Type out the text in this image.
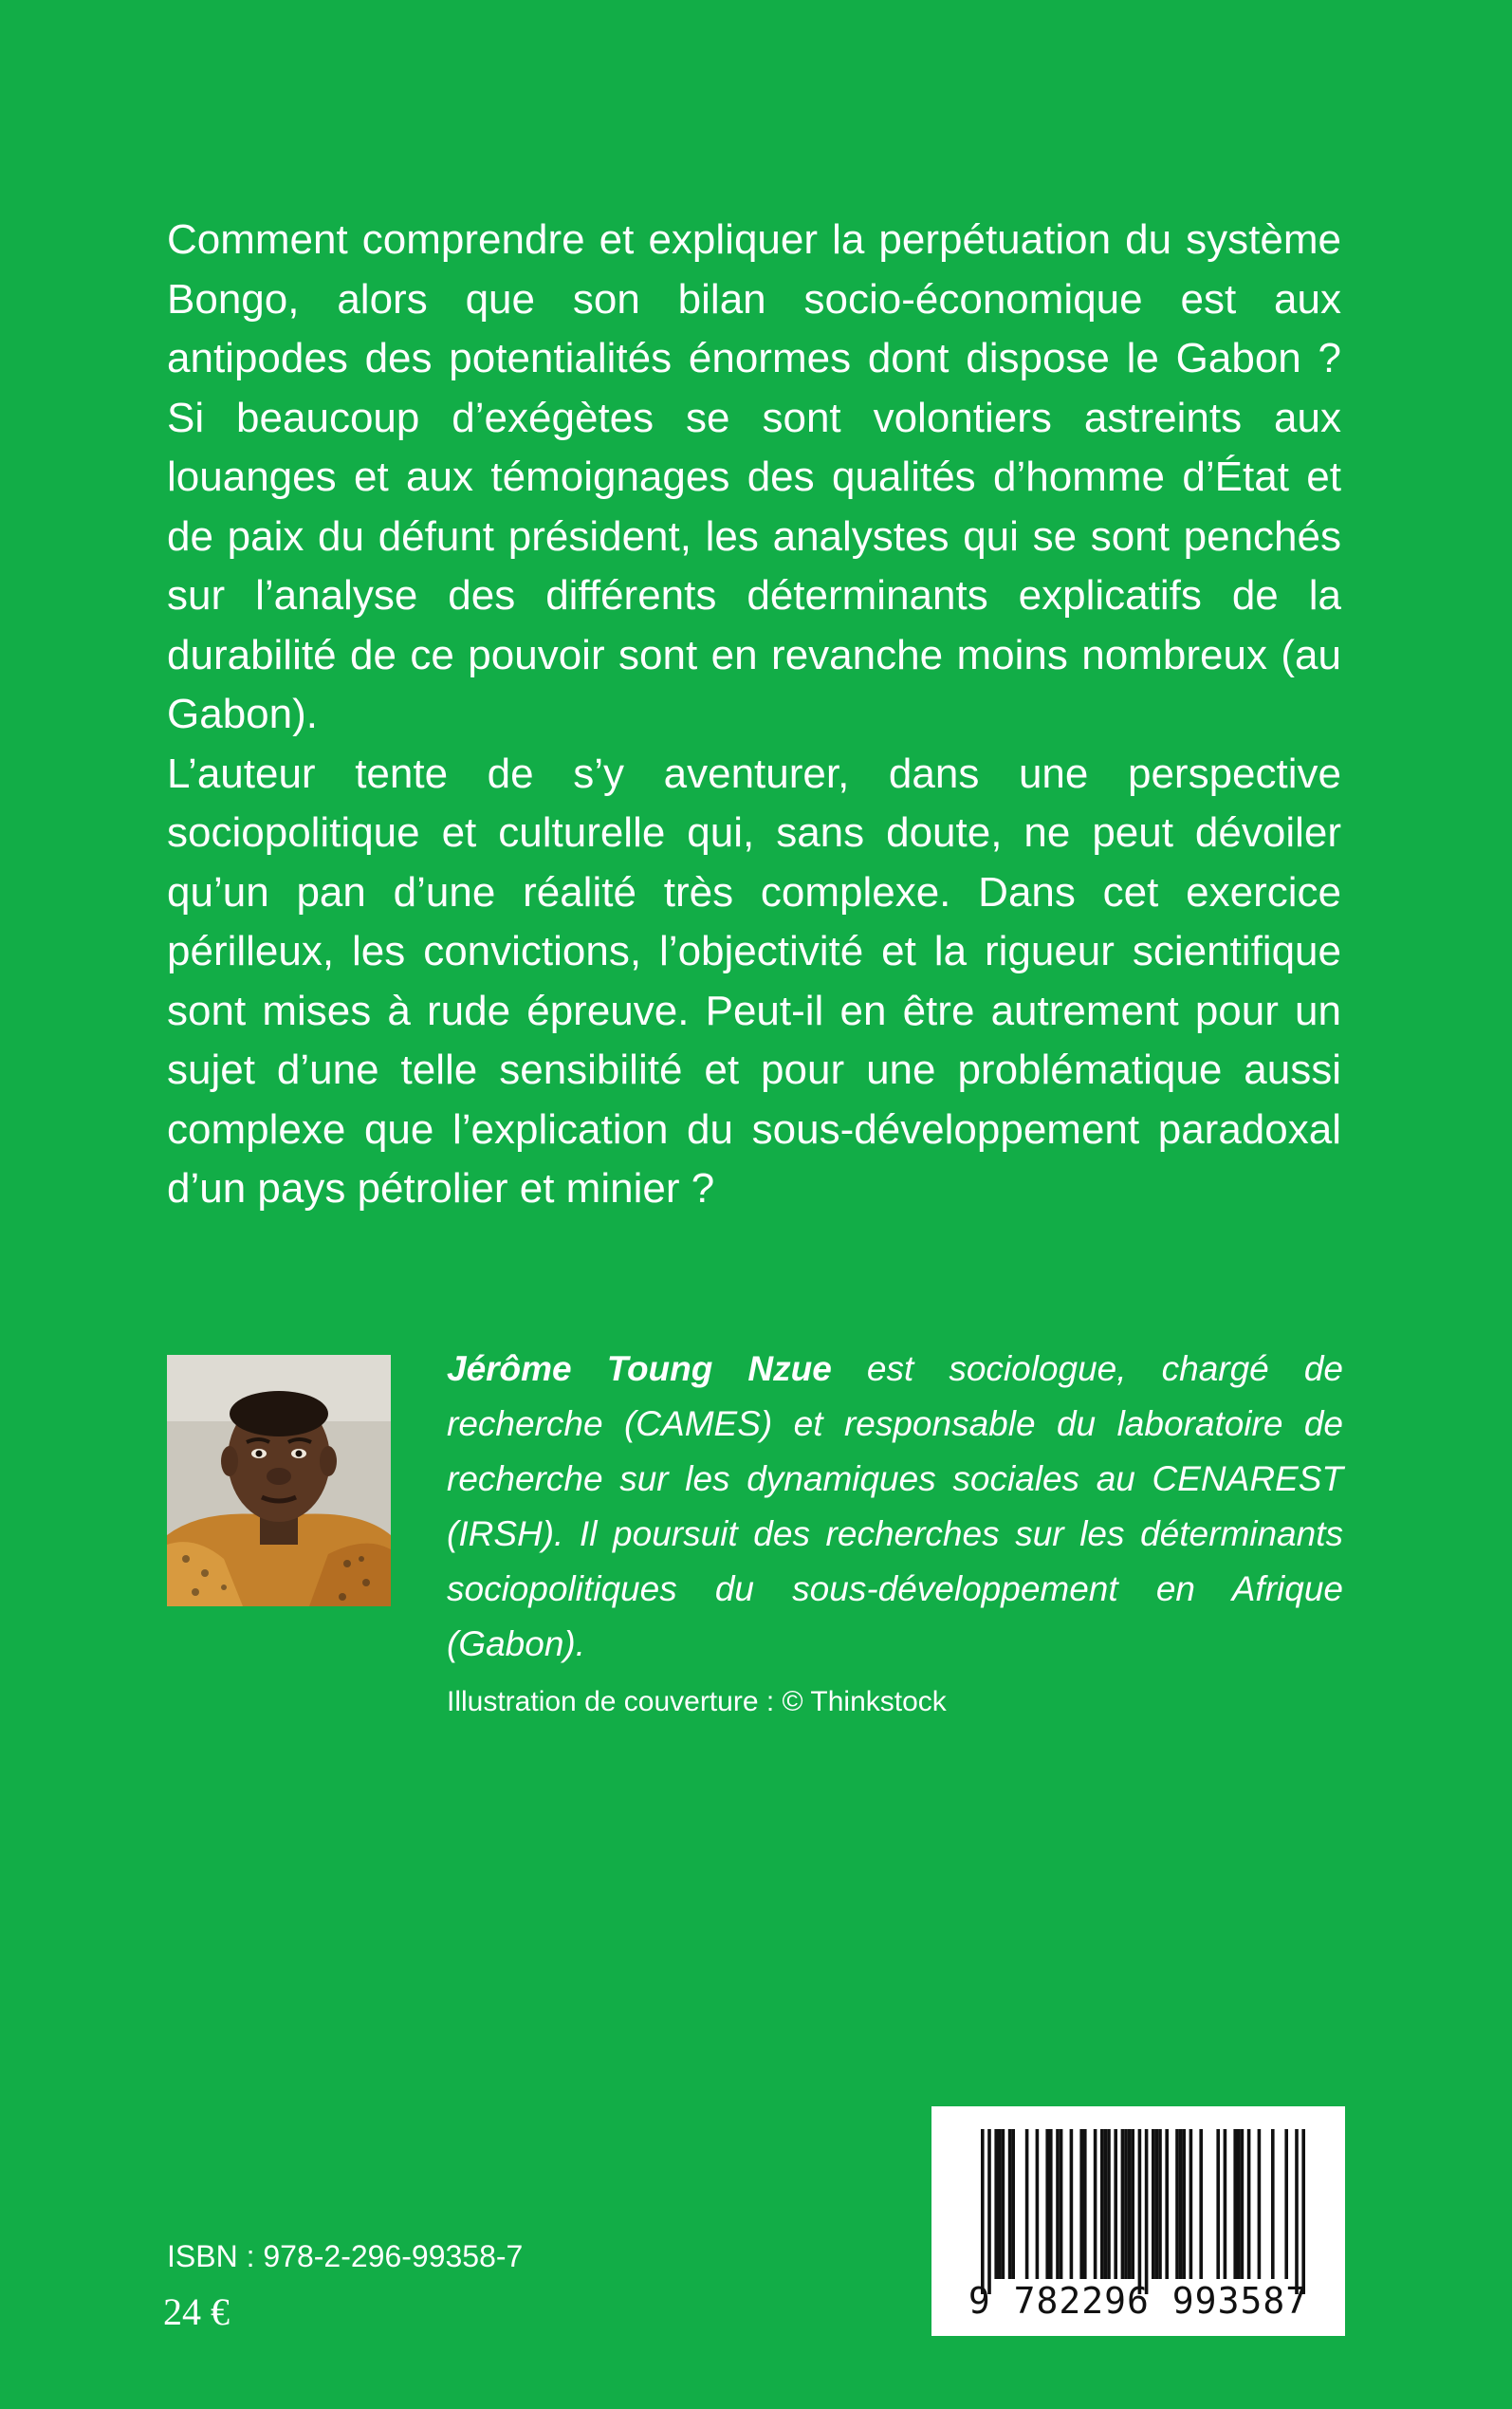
Comment comprendre et expliquer la perpétuation du système Bongo, alors que son bilan socio-économique est aux antipodes des potentialités énormes dont dispose le Gabon ? Si beaucoup d’exégètes se sont volontiers astreints aux louanges et aux témoignages des qualités d’homme d’État et de paix du défunt président, les analystes qui se sont penchés sur l’analyse des différents déterminants explicatifs de la durabilité de ce pouvoir sont en revanche moins nombreux (au Gabon).

L’auteur tente de s’y aventurer, dans une perspective sociopolitique et culturelle qui, sans doute, ne peut dévoiler qu’un pan d’une réalité très complexe. Dans cet exercice périlleux, les convictions, l’objectivité et la rigueur scientifique sont mises à rude épreuve. Peut-il en être autrement pour un sujet d’une telle sensibilité et pour une problématique aussi complexe que l’explication du sous-développement paradoxal d’un pays pétrolier et minier ?

Jérôme Toung Nzue est sociologue, chargé de recherche (CAMES) et responsable du laboratoire de recherche sur les dynamiques sociales au CENAREST (IRSH). Il poursuit des recherches sur les déterminants sociopolitiques du sous-développement en Afrique (Gabon).

Illustration de couverture : © Thinkstock

ISBN : 978-2-296-99358-7

24 €	9 782296 993587
